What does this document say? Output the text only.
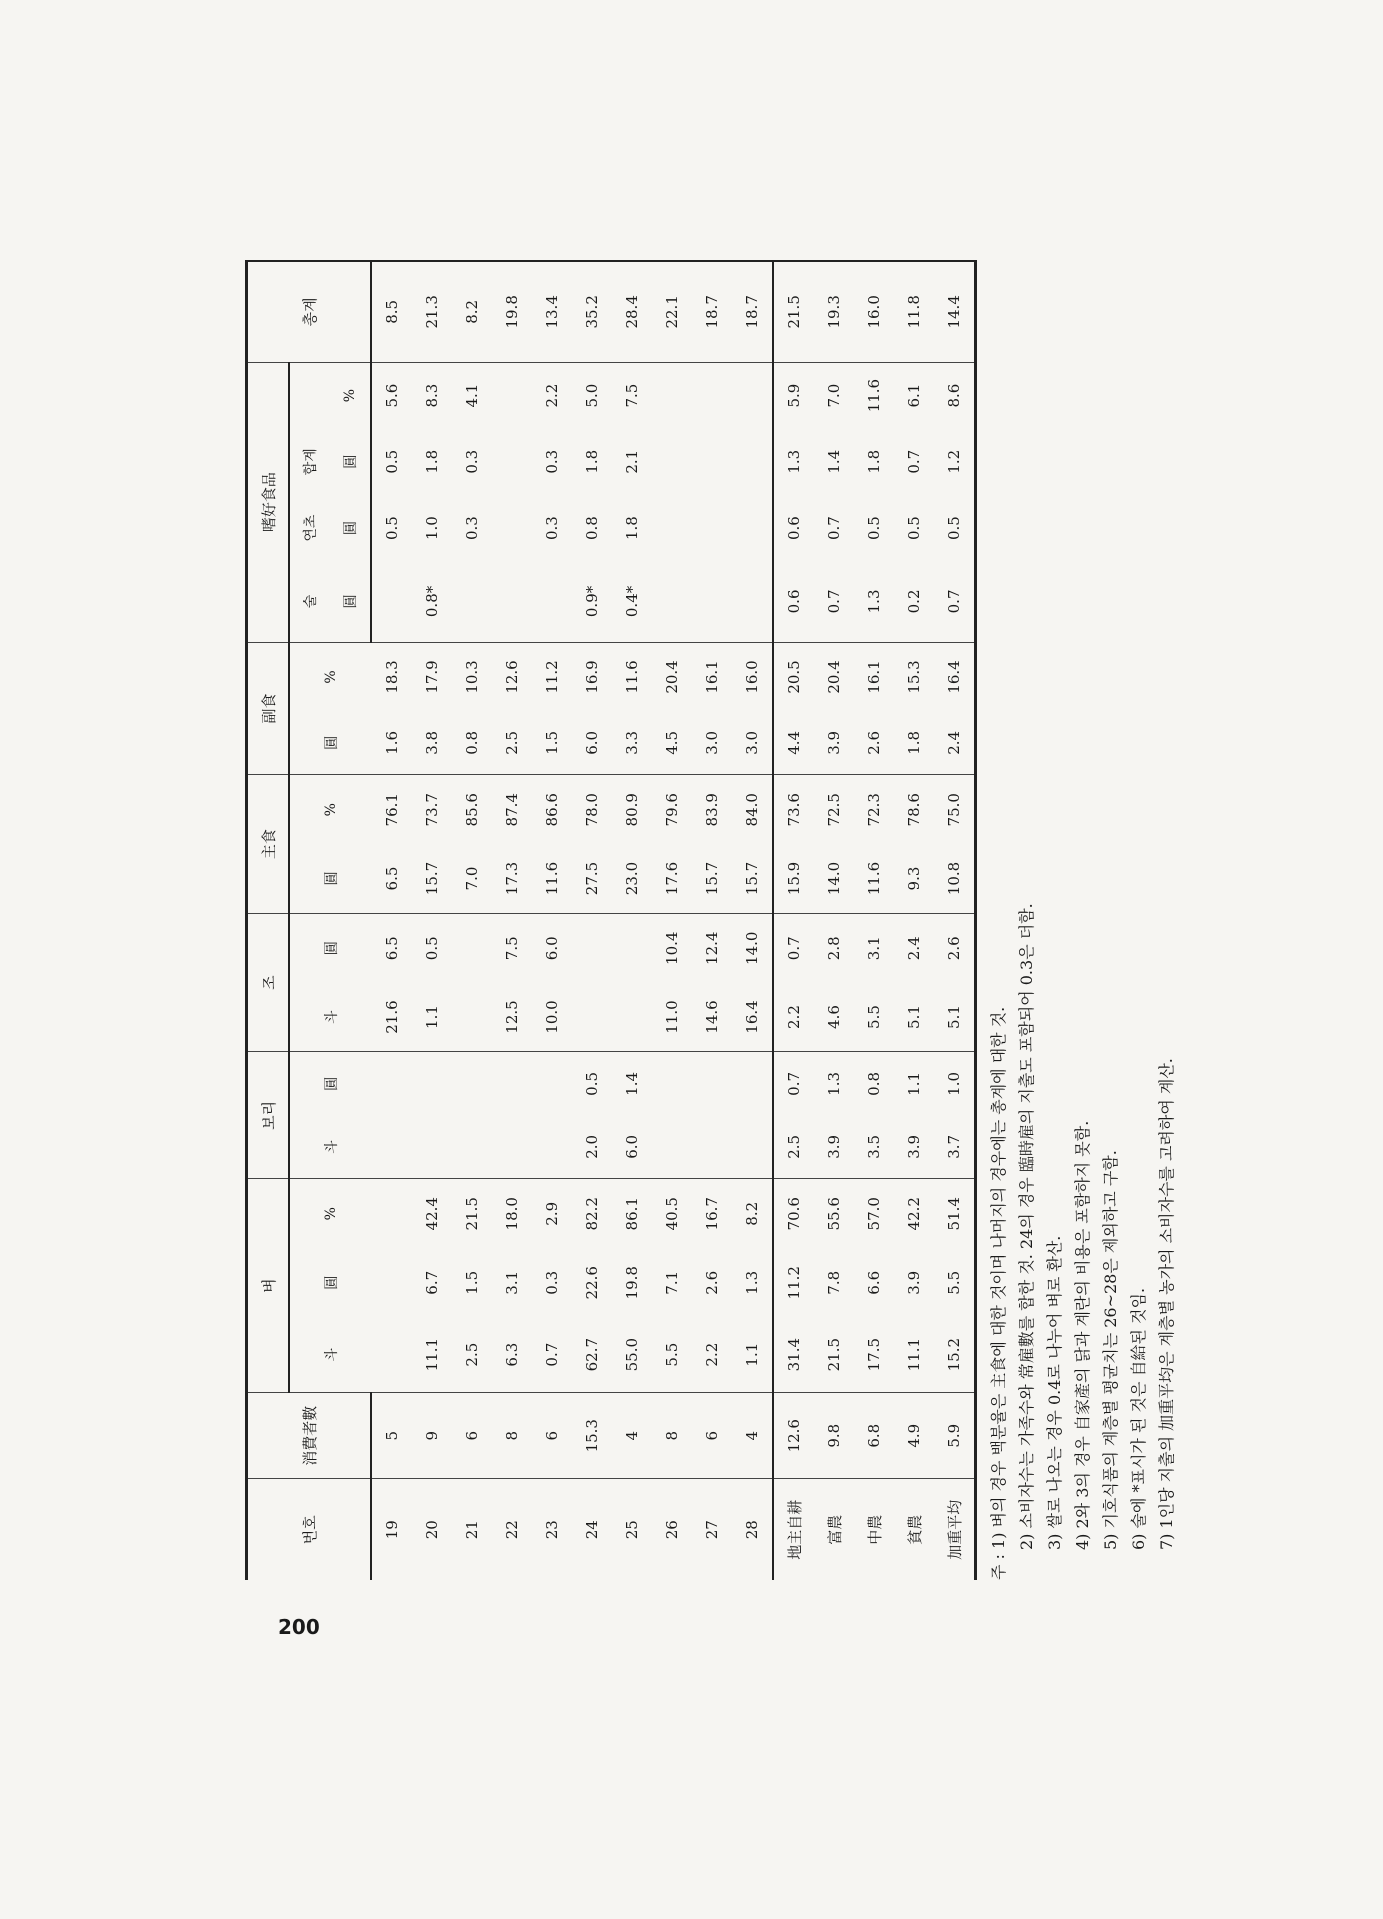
번호	消費者數	벼			보리		조		主食		副食		嗜好食品				총계
		斗	圓	%	斗	圓	斗	圓	圓	%	圓	%	술	연초	합계		
													圓	圓	圓	%	
19	5						21.6	6.5	6.5	76.1	1.6	18.3		0.5	0.5	5.6	8.5
20	9	11.1	6.7	42.4			1.1	0.5	15.7	73.7	3.8	17.9	0.8*	1.0	1.8	8.3	21.3
21	6	2.5	1.5	21.5					7.0	85.6	0.8	10.3		0.3	0.3	4.1	8.2
22	8	6.3	3.1	18.0			12.5	7.5	17.3	87.4	2.5	12.6					19.8
23	6	0.7	0.3	2.9			10.0	6.0	11.6	86.6	1.5	11.2		0.3	0.3	2.2	13.4
24	15.3	62.7	22.6	82.2	2.0	0.5			27.5	78.0	6.0	16.9	0.9*	0.8	1.8	5.0	35.2
25	4	55.0	19.8	86.1	6.0	1.4			23.0	80.9	3.3	11.6	0.4*	1.8	2.1	7.5	28.4
26	8	5.5	7.1	40.5			11.0	10.4	17.6	79.6	4.5	20.4					22.1
27	6	2.2	2.6	16.7			14.6	12.4	15.7	83.9	3.0	16.1					18.7
28	4	1.1	1.3	8.2			16.4	14.0	15.7	84.0	3.0	16.0					18.7
地主自耕	12.6	31.4	11.2	70.6	2.5	0.7	2.2	0.7	15.9	73.6	4.4	20.5	0.6	0.6	1.3	5.9	21.5
富農	9.8	21.5	7.8	55.6	3.9	1.3	4.6	2.8	14.0	72.5	3.9	20.4	0.7	0.7	1.4	7.0	19.3
中農	6.8	17.5	6.6	57.0	3.5	0.8	5.5	3.1	11.6	72.3	2.6	16.1	1.3	0.5	1.8	11.6	16.0
貧農	4.9	11.1	3.9	42.2	3.9	1.1	5.1	2.4	9.3	78.6	1.8	15.3	0.2	0.5	0.7	6.1	11.8
加重平均	5.9	15.2	5.5	51.4	3.7	1.0	5.1	2.6	10.8	75.0	2.4	16.4	0.7	0.5	1.2	8.6	14.4
주 : 1) 벼의 경우 백분율은 主食에 대한 것이며 나머지의 경우에는 총계에 대한 것. 2) 소비자수는 가족수와 常雇數를 합한 것. 24의 경우 臨時雇의 지출도 포함되어 0.3은 더함. 3) 쌀로 나오는 경우 0.4로 나누어 벼로 환산. 4) 2와 3의 경우 自家產의 닭과 계란의 비용은 포함하지 못함. 5) 기호식품의 계층별 평균치는 26~28은 제외하고 구함. 6) 술에 *표시가 된 것은 自給된 것임. 7) 1인당 지출의 加重平均은 계층별 농가의 소비자수를 고려하여 계산.
200
